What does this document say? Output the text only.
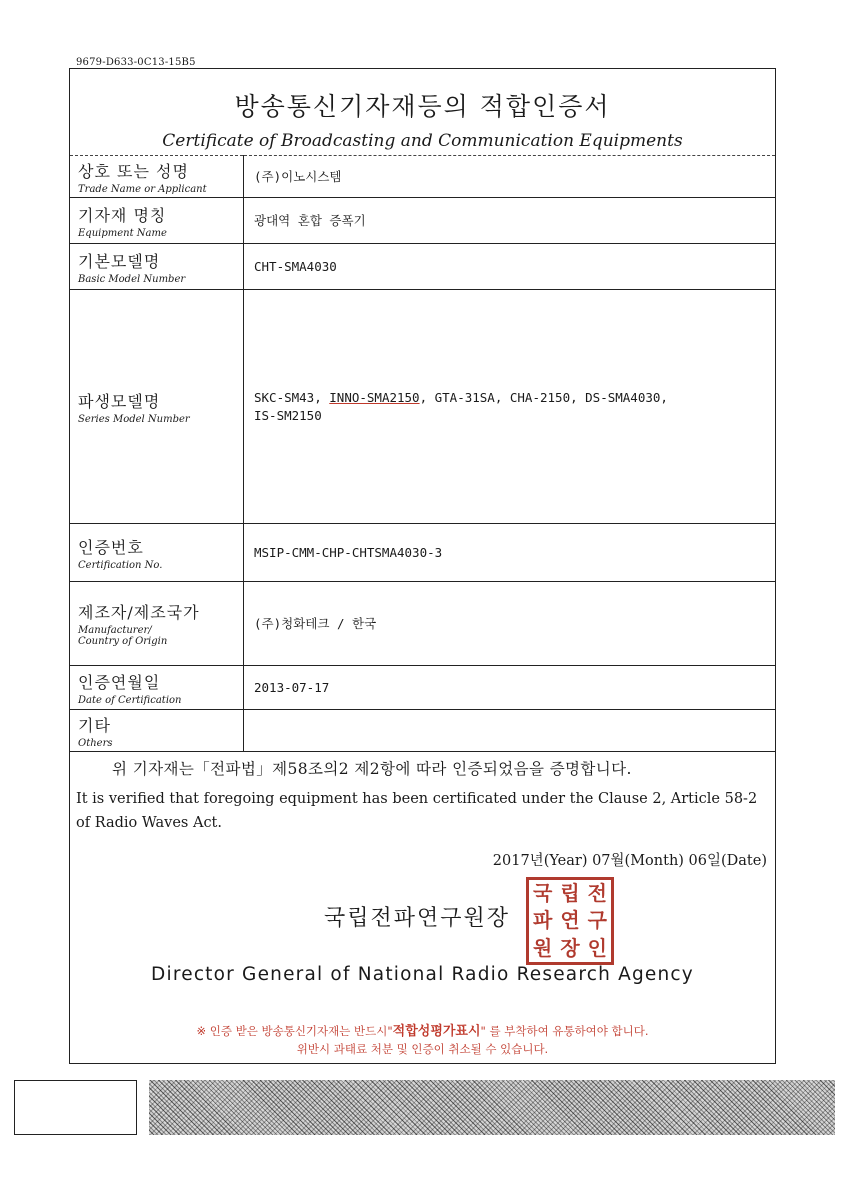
9679-D633-0C13-15B5
방송통신기자재등의 적합인증서
Certificate of Broadcasting and Communication Equipments
상호 또는 성명
Trade Name or Applicant	(주)이노시스템

기자재 명칭
Equipment Name	광대역 혼합 증폭기

기본모델명
Basic Model Number	CHT-SMA4030

파생모델명
Series Model Number	SKC-SM43, INNO-SMA2150, GTA-31SA, CHA-2150, DS-SMA4030,
IS-SM2150

인증번호
Certification No.	MSIP-CMM-CHP-CHTSMA4030-3

제조자/제조국가
Manufacturer/
Country of Origin	(주)청화테크 / 한국

인증연월일
Date of Certification	2013-07-17

기타
Others	

위 기자재는「전파법」제58조의2 제2항에 따라 인증되었음을 증명합니다.
It is verified that foregoing equipment has been certificated under the Clause 2, Article 58-2 of Radio Waves Act.
2017년(Year) 07월(Month) 06일(Date)
국립전파연구원장
국 립 전
파 연 구
원 장 인
Director General of National Radio Research Agency
※ 인증 받은 방송통신기자재는 반드시"적합성평가표시" 를 부착하여 유통하여야 합니다.
위반시 과태료 처분 및 인증이 취소될 수 있습니다.
